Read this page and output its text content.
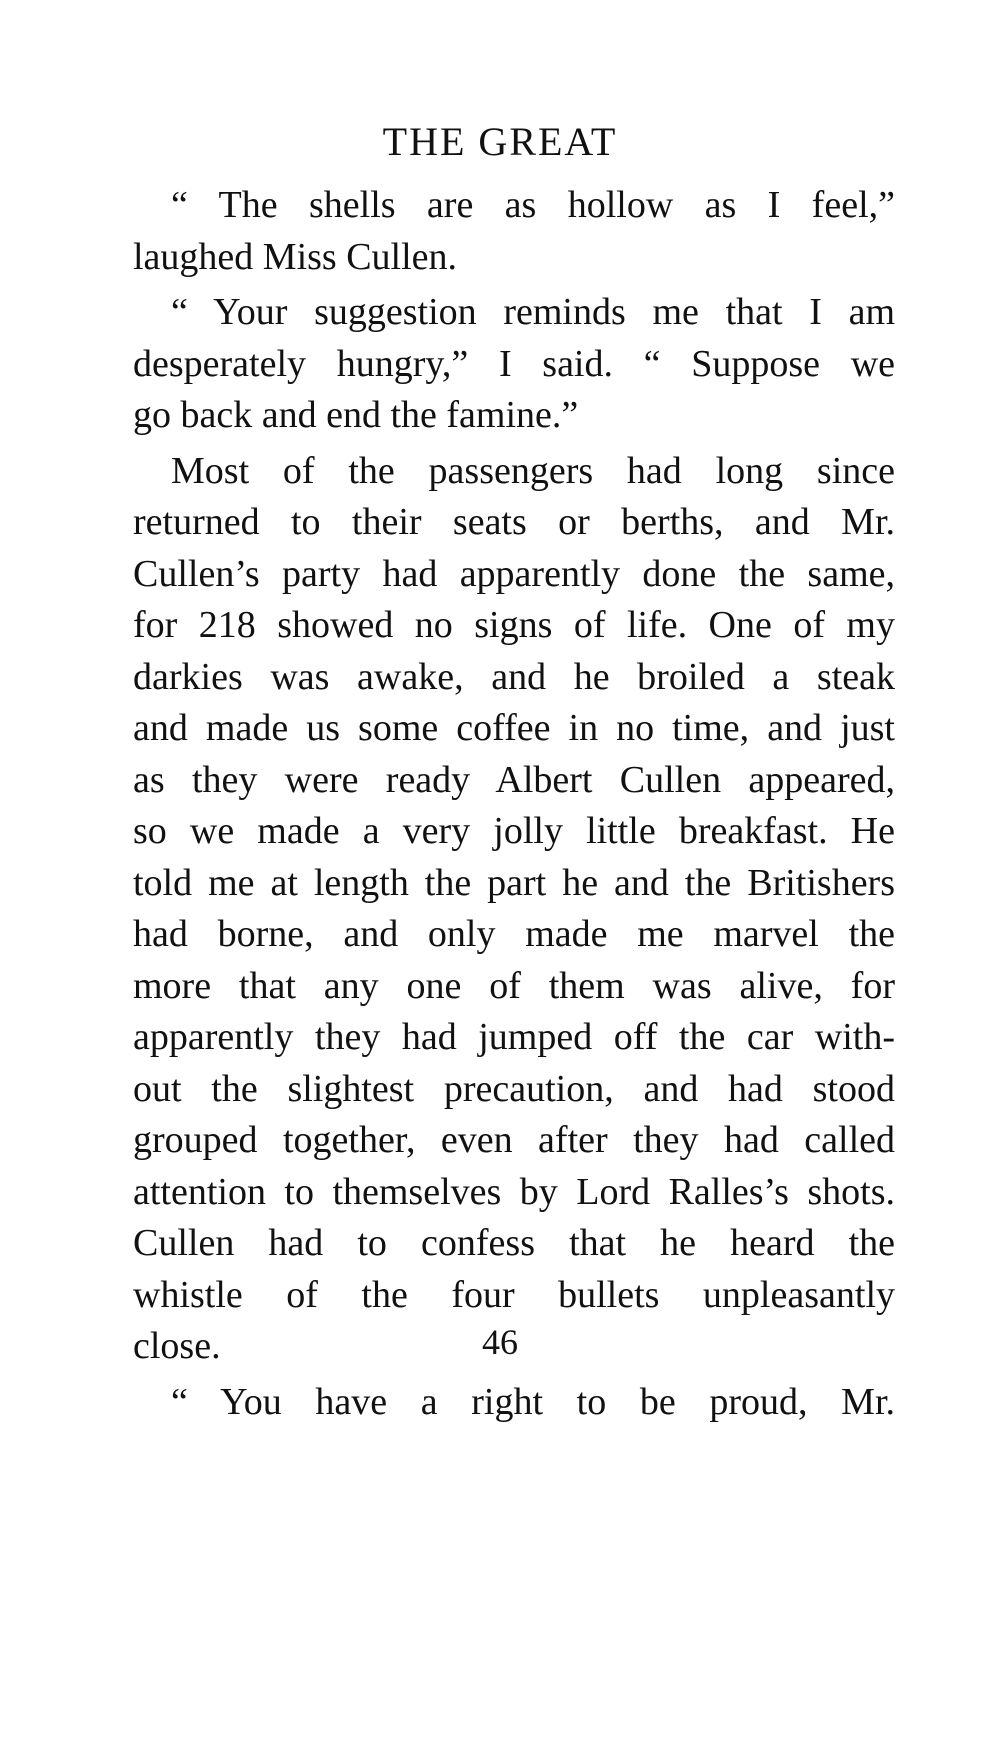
THE GREAT
“ The shells are as hollow as I feel,”
laughed Miss Cullen.
“ Your suggestion reminds me that I am
desperately hungry,” I said. “ Suppose we
go back and end the famine.”
Most of the passengers had long since
returned to their seats or berths, and Mr.
Cullen’s party had apparently done the same,
for 218 showed no signs of life. One of my
darkies was awake, and he broiled a steak
and made us some coffee in no time, and just
as they were ready Albert Cullen appeared,
so we made a very jolly little breakfast. He
told me at length the part he and the Britishers
had borne, and only made me marvel the
more that any one of them was alive, for
apparently they had jumped off the car with-
out the slightest precaution, and had stood
grouped together, even after they had called
attention to themselves by Lord Ralles’s shots.
Cullen had to confess that he heard the
whistle of the four bullets unpleasantly
close.
“ You have a right to be proud, Mr.
46
